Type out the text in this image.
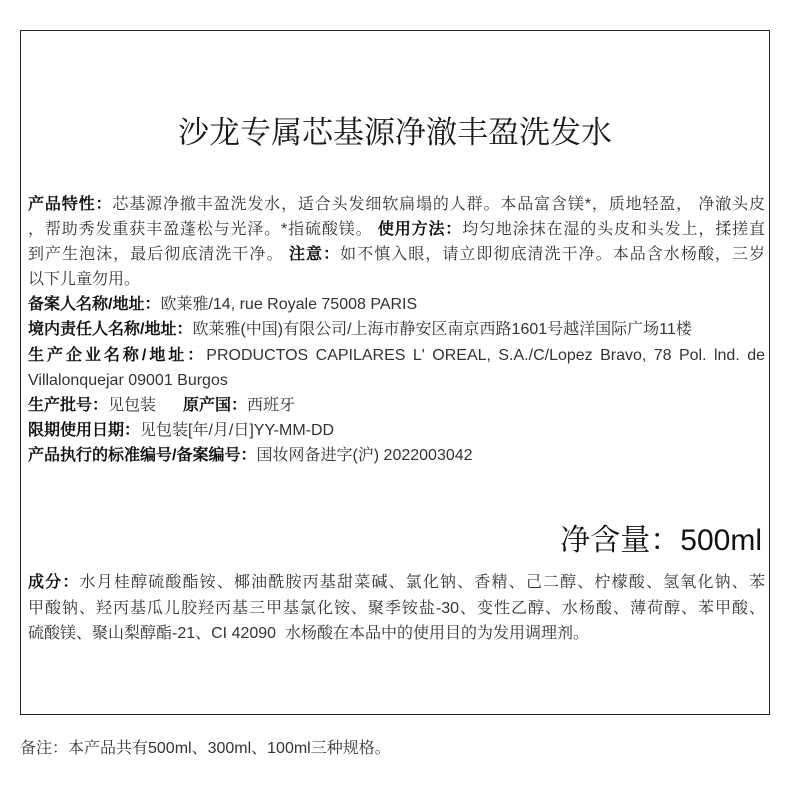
沙龙专属芯基源净澈丰盈洗发水
产品特性：芯基源净撤丰盈洗发水，适合头发细软扁塌的人群。本品富含镁*，质地轻盈， 净澈头皮
，帮助秀发重获丰盈蓬松与光泽。*指硫酸镁。 使用方法：均匀地涂抹在湿的头皮和头发上，揉搓直
到产生泡沫，最后彻底清洗干净。 注意：如不慎入眼，请立即彻底清洗干净。本品含水杨酸，三岁
以下儿童勿用。
备案人名称/地址：欧莱雅/14, rue Royale 75008 PARIS
境内责任人名称/地址：欧莱雅(中国)有限公司/上海市静安区南京西路1601号越洋国际广场11楼
生产企业名称/地址：PRODUCTOS CAPILARES L' OREAL, S.A./C/Lopez Bravo, 78 Pol. lnd. de
Villalonquejar 09001 Burgos
生产批号：见包装 原产国：西班牙
限期使用日期：见包装[年/月/日]YY-MM-DD
产品执行的标准编号/备案编号：国妆网备进字(沪) 2022003042
净含量：500ml
成分：水月桂醇硫酸酯铵、椰油酰胺丙基甜菜碱、氯化钠、香精、己二醇、柠檬酸、氢氧化钠、苯
甲酸钠、羟丙基瓜儿胶羟丙基三甲基氯化铵、聚季铵盐-30、变性乙醇、水杨酸、薄荷醇、苯甲酸、
硫酸镁、聚山梨醇酯-21、CI 42090  水杨酸在本品中的使用目的为发用调理剂。
备注：本产品共有500ml、300ml、100ml三种规格。
